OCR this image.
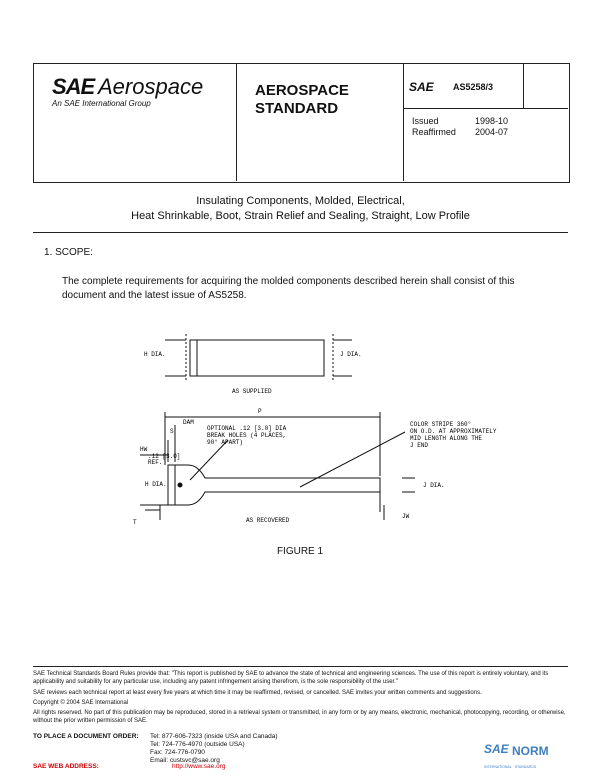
SAE Aerospace
An SAE International Group
AEROSPACE
STANDARD
SAE AS5258/3
Issued	1998-10
Reaffirmed 2004-07
Insulating Components, Molded, Electrical,
Heat Shrinkable, Boot, Strain Relief and Sealing, Straight, Low Profile
1. SCOPE:
The complete requirements for acquiring the molded components described herein shall consist of this document and the latest issue of AS5258.
H DIA.	J DIA.
AS SUPPLIED
P
DAM
S
HW
.12 [3.0]
REF.
H DIA.	J DIA.
OPTIONAL .12 [3.0] DIA
BREAK HOLES (4 PLACES,
90° APART)
COLOR STRIPE 360°
ON O.D. AT APPROXIMATELY
MID LENGTH ALONG THE
J END
AS RECOVERED
T
JW
FIGURE 1
SAE Technical Standards Board Rules provide that: "This report is published by SAE to advance the state of technical and engineering sciences. The use of this report is entirely voluntary, and its applicability and suitability for any particular use, including any patent infringement arising therefrom, is the sole responsibility of the user."
SAE reviews each technical report at least every five years at which time it may be reaffirmed, revised, or cancelled. SAE invites your written comments and suggestions.
Copyright © 2004 SAE International
All rights reserved. No part of this publication may be reproduced, stored in a retrieval system or transmitted, in any form or by any means, electronic, mechanical, photocopying, recording, or otherwise, without the prior written permission of SAE.
TO PLACE A DOCUMENT ORDER: Tel: 877-606-7323 (inside USA and Canada)
Tel: 724-776-4970 (outside USA)
Fax: 724-776-0790
Email: custsvc@sae.org
SAE WEB ADDRESS:	http://www.sae.org
SAE NORM
INTERNATIONAL · STANDARDS
